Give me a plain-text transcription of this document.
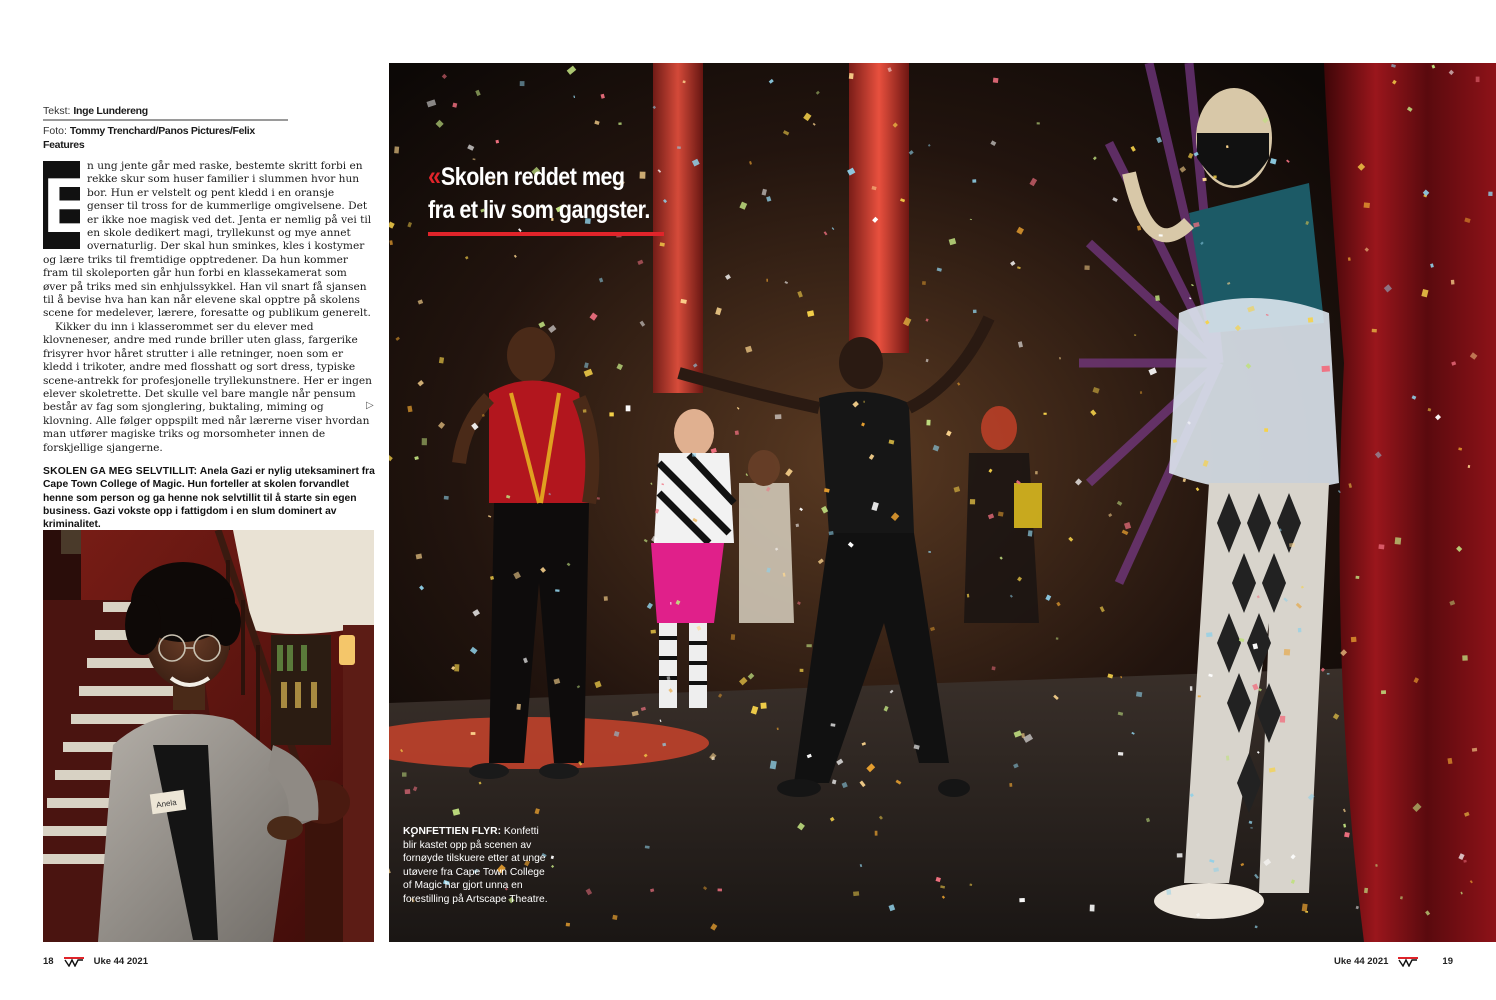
Tekst: Inge Lundereng
Foto: Tommy Trenchard/Panos Pictures/Felix Features
E

n ung jente går med raske, bestemte skritt forbi en rekke skur som huser familier i slummen hvor hun bor. Hun er velstelt og pent kledd i en oransje genser til tross for de kummerlige omgivelsene. Det er ikke noe magisk ved det. Jenta er nemlig på vei til en skole dedikert magi, tryllekunst og mye annet overnaturlig. Der skal hun sminkes, kles i kostymer og lære triks til fremtidige opptredener. Da hun kommer fram til skoleporten går hun forbi en klassekamerat som øver på triks med sin enhjulssykkel. Han vil snart få sjansen til å bevise hva han kan når elevene skal opptre på skolens scene for medelever, lærere, foresatte og publikum generelt.

Kikker du inn i klasserommet ser du elever med klovneneser, andre med runde briller uten glass, fargerike frisyrer hvor håret strutter i alle retninger, noen som er kledd i trikoter, andre med flosshatt og sort dress, typiske scene-antrekk for profesjonelle tryllekunstnere. Her er ingen elever skoletrette. Det skulle vel bare mangle når pensum består av fag som sjonglering, buktaling, miming og klovning. Alle følger oppspilt med når lærerne viser hvordan man utfører magiske triks og morsomheter innen de forskjellige sjangerne.

▷
SKOLEN GA MEG SELVTILLIT: Anela Gazi er nylig uteksaminert fra Cape Town College of Magic. Hun forteller at skolen forvandlet henne som person og ga henne nok selvtillit til å starte sin egen business. Gazi vokste opp i fattigdom i en slum dominert av kriminalitet.
Anela
« Skolen reddet meg
fra et liv som gangster.
KONFETTIEN FLYR: Konfetti blir kastet opp på scenen av fornøyde tilskuere etter at unge utøvere fra Cape Town College of Magic har gjort unna en forestilling på Artscape Theatre.
18	Uke 44 2021	Uke 44 2021	19
